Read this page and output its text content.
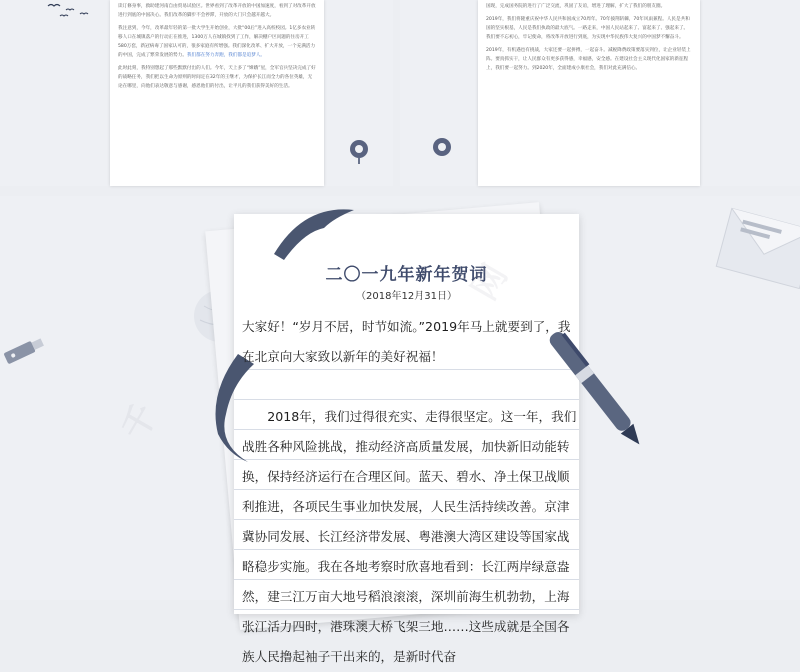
读订修身事，救助建河南自由贸易试验区。世界看到了改革开放的中国加速度，看到了对改革开放进行到底的中国决心。我们改革的脚步不会停滞，开放的大门只会越开越大。

我注意到，今年，改革最年轻的第一批大学生开始创业，大批“00后”进入高校校园。1亿多农业转移人口在城镇落户的行动正在推进，1300万人在城镇找到了工作，解决棚户区问题的住房开工580万套，新冠病毒了国家认可的，很多家庭有所增强。我们深化改革、扩大开放，一个充满活力的中国，完成了繁荣发展的势力。我们都在努力奔跑，我们都是追梦人。

此时此刻，我特别想起了那些默默付出的人们。今年，天上多了“嫦娥”星，全军官兵坚决完成了好的战略任务，我们把以生命为原则的时间定在32年的王继才，为保护长江而全力的各位英雄，无论在哪里，向他们表达敬意与感谢，感恩他们的付出，让平凡的我们获得美好的生活。

国现，完成国务院的进行了广泛交流，巩固了友谊，增进了理解，扩大了我们的朋友圈。

2019年，我们将隆重庆祝中华人民共和国成立70周年。70年披荆斩棘，70年风雨兼程。人民是共和国的坚实根基，人民是我们执政的最大底气。一路走来，中国人民站起来了、富起来了、强起来了。我们要不忘初心，牢记使命，将改革开放进行到底，为实现中华民族伟大复兴的中国梦不懈奋斗。

2019年，有机遇也有挑战，大家还要一起拼搏，一起奋斗。减税降费政策要落实到位，让企业轻装上阵。要真抓实干，让人民群众有更多获得感，幸福感，安全感。在建设社会主义现代化国家的新征程上，我们要一起努力。到2020年，全面建成小康社会，我们对此充满信心。

千
二〇一九年新年贺词
（2018年12月31日）
大家好！“岁月不居，时节如流。”2019年马上就要到了，我在北京向大家致以新年的美好祝福！
2018年，我们过得很充实、走得很坚定。这一年，我们战胜各种风险挑战，推动经济高质量发展，加快新旧动能转换，保持经济运行在合理区间。蓝天、碧水、净土保卫战顺利推进，各项民生事业加快发展，人民生活持续改善。京津冀协同发展、长江经济带发展、粤港澳大湾区建设等国家战略稳步实施。我在各地考察时欣喜地看到：长江两岸绿意盎然，建三江万亩大地号稻浪滚滚，深圳前海生机勃勃，上海张江活力四时，港珠澳大桥飞架三地……这些成就是全国各族人民撸起袖子干出来的，是新时代奋
网
